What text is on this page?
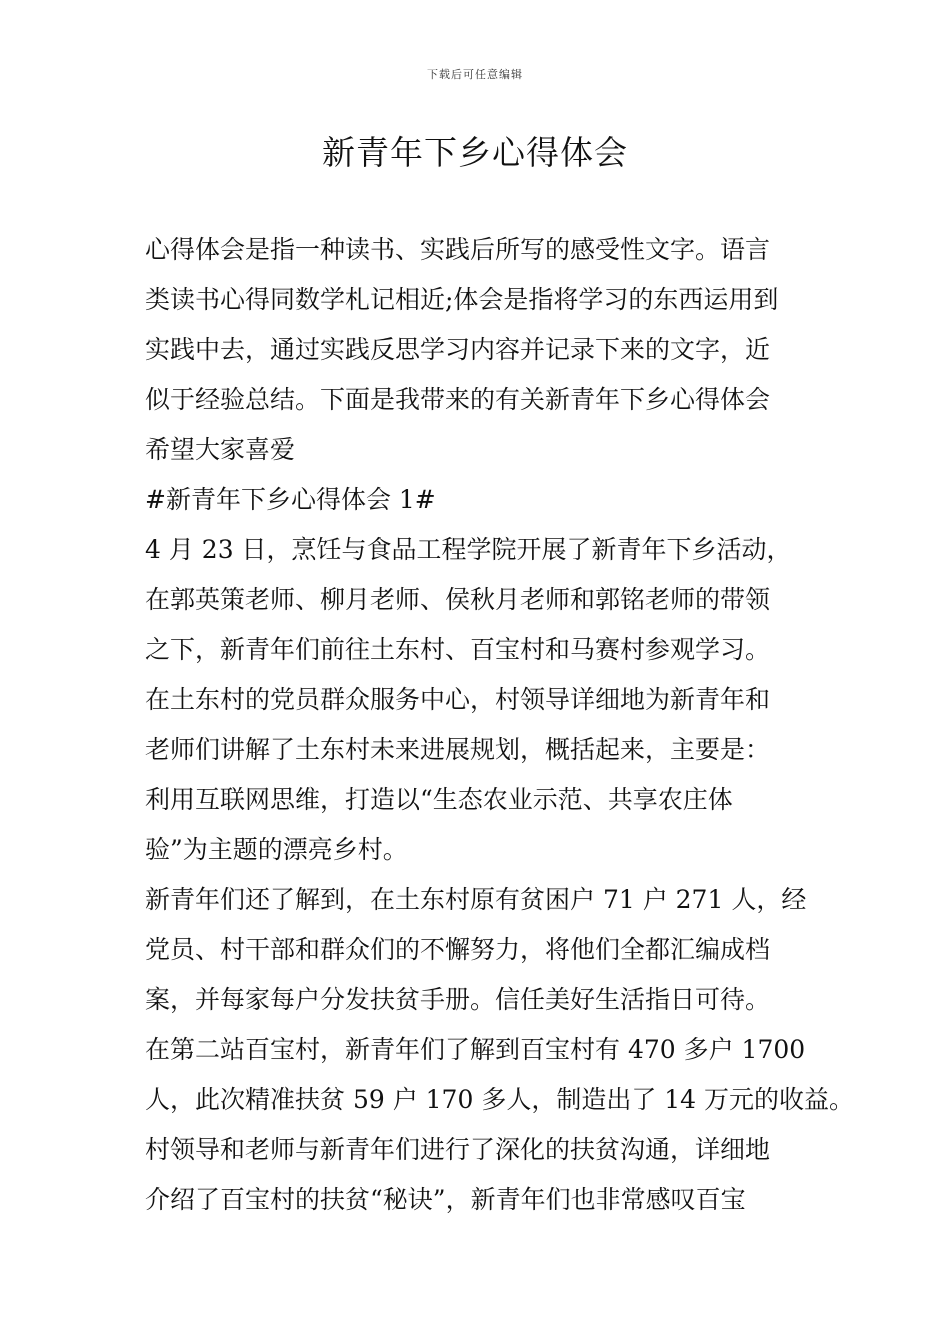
下载后可任意编辑
新青年下乡心得体会
心得体会是指一种读书、实践后所写的感受性文字。语言
类读书心得同数学札记相近;体会是指将学习的东西运用到
实践中去，通过实践反思学习内容并记录下来的文字，近
似于经验总结。下面是我带来的有关新青年下乡心得体会
希望大家喜爱
#新青年下乡心得体会 1#
4 月 23 日，烹饪与食品工程学院开展了新青年下乡活动，
在郭英策老师、柳月老师、侯秋月老师和郭铭老师的带领
之下，新青年们前往土东村、百宝村和马赛村参观学习。
在土东村的党员群众服务中心，村领导详细地为新青年和
老师们讲解了土东村未来进展规划，概括起来，主要是：
利用互联网思维，打造以“生态农业示范、共享农庄体
验”为主题的漂亮乡村。
新青年们还了解到，在土东村原有贫困户 71 户 271 人，经
党员、村干部和群众们的不懈努力，将他们全都汇编成档
案，并每家每户分发扶贫手册。信任美好生活指日可待。
在第二站百宝村，新青年们了解到百宝村有 470 多户 1700
人，此次精准扶贫 59 户 170 多人，制造出了 14 万元的收益。
村领导和老师与新青年们进行了深化的扶贫沟通，详细地
介绍了百宝村的扶贫“秘诀”，新青年们也非常感叹百宝
